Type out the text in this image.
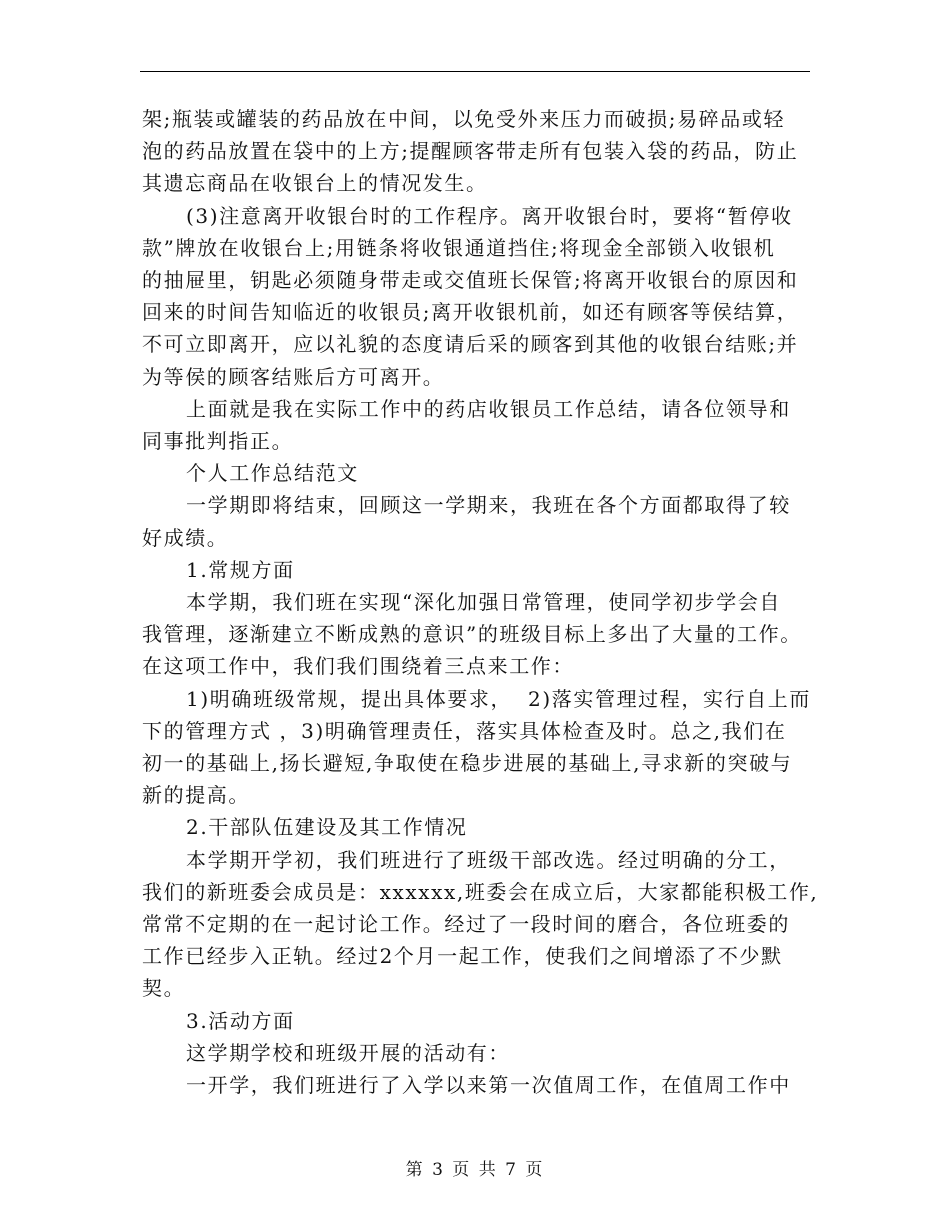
架;瓶装或罐装的药品放在中间，以免受外来压力而破损;易碎品或轻

泡的药品放置在袋中的上方;提醒顾客带走所有包装入袋的药品，防止

其遗忘商品在收银台上的情况发生。

(3)注意离开收银台时的工作程序。离开收银台时，要将“暂停收

款”牌放在收银台上;用链条将收银通道挡住;将现金全部锁入收银机

的抽屉里，钥匙必须随身带走或交值班长保管;将离开收银台的原因和

回来的时间告知临近的收银员;离开收银机前，如还有顾客等侯结算，

不可立即离开，应以礼貌的态度请后采的顾客到其他的收银台结账;并

为等侯的顾客结账后方可离开。

上面就是我在实际工作中的药店收银员工作总结，请各位领导和

同事批判指正。

个人工作总结范文

一学期即将结束，回顾这一学期来，我班在各个方面都取得了较

好成绩。

1.常规方面

本学期，我们班在实现“深化加强日常管理，使同学初步学会自

我管理，逐渐建立不断成熟的意识”的班级目标上多出了大量的工作。

在这项工作中，我们我们围绕着三点来工作：

1)明确班级常规，提出具体要求，  2)落实管理过程，实行自上而

下的管理方式 ，3)明确管理责任，落实具体检查及时。总之,我们在

初一的基础上,扬长避短,争取使在稳步进展的基础上,寻求新的突破与

新的提高。

2.干部队伍建设及其工作情况

本学期开学初，我们班进行了班级干部改选。经过明确的分工，

我们的新班委会成员是：xxxxxx,班委会在成立后，大家都能积极工作,

常常不定期的在一起讨论工作。经过了一段时间的磨合，各位班委的

工作已经步入正轨。经过2个月一起工作，使我们之间增添了不少默

契。

3.活动方面

这学期学校和班级开展的活动有：

一开学，我们班进行了入学以来第一次值周工作，在值周工作中

第 3 页 共 7 页
